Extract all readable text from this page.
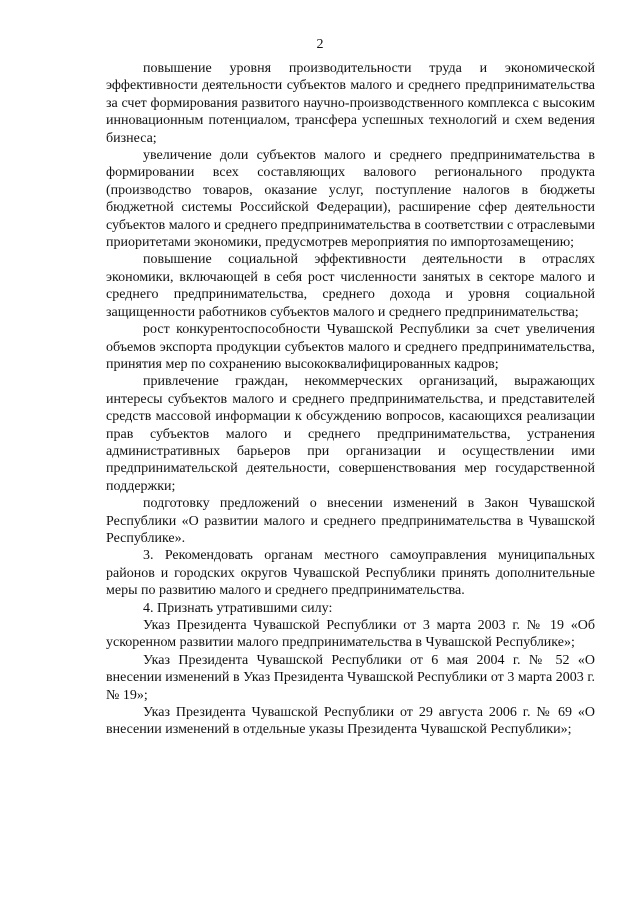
2

повышение уровня производительности труда и экономической эффективности деятельности субъектов малого и среднего предпринимательства за счет формирования развитого научно-производственного комплекса с высоким инновационным потенциалом, трансфера успешных технологий и схем ведения бизнеса;

увеличение доли субъектов малого и среднего предпринимательства в формировании всех составляющих валового регионального продукта (производство товаров, оказание услуг, поступление налогов в бюджеты бюджетной системы Российской Федерации), расширение сфер деятельности субъектов малого и среднего предпринимательства в соответствии с отраслевыми приоритетами экономики, предусмотрев мероприятия по импортозамещению;

повышение социальной эффективности деятельности в отраслях экономики, включающей в себя рост численности занятых в секторе малого и среднего предпринимательства, среднего дохода и уровня социальной защищенности работников субъектов малого и среднего предпринимательства;

рост конкурентоспособности Чувашской Республики за счет увеличения объемов экспорта продукции субъектов малого и среднего предпринимательства, принятия мер по сохранению высококвалифицированных кадров;

привлечение граждан, некоммерческих организаций, выражающих интересы субъектов малого и среднего предпринимательства, и представителей средств массовой информации к обсуждению вопросов, касающихся реализации прав субъектов малого и среднего предпринимательства, устранения административных барьеров при организации и осуществлении ими предпринимательской деятельности, совершенствования мер государственной поддержки;

подготовку предложений о внесении изменений в Закон Чувашской Республики «О развитии малого и среднего предпринимательства в Чувашской Республике».

3. Рекомендовать органам местного самоуправления муниципальных районов и городских округов Чувашской Республики принять дополнительные меры по развитию малого и среднего предпринимательства.

4. Признать утратившими силу:

Указ Президента Чувашской Республики от 3 марта 2003 г. № 19 «Об ускоренном развитии малого предпринимательства в Чувашской Республике»;

Указ Президента Чувашской Республики от 6 мая 2004 г. № 52 «О внесении изменений в Указ Президента Чувашской Республики от 3 марта 2003 г. № 19»;

Указ Президента Чувашской Республики от 29 августа 2006 г. № 69 «О внесении изменений в отдельные указы Президента Чувашской Республики»;
